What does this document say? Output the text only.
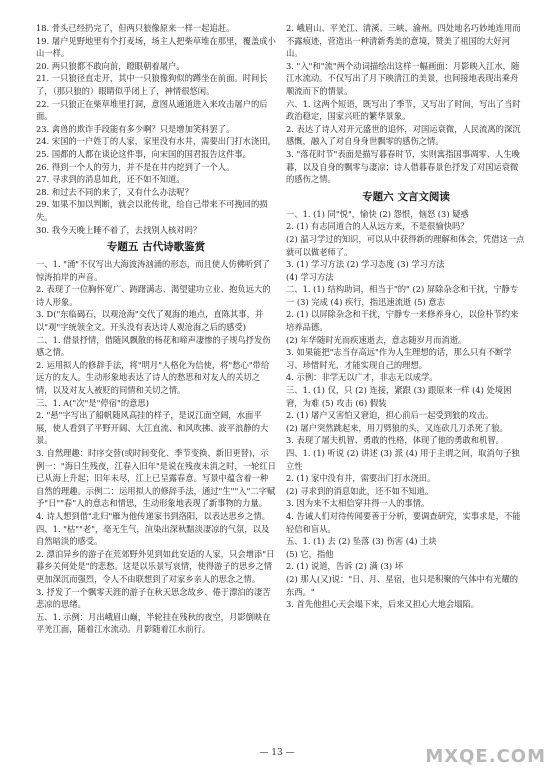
18. 骨头已经扔完了，但两只狼像原来一样一起追赶。
19. 屠户见野地里有个打麦场，场主人把柴草堆在那里，覆盖成小山一样。
20. 两只狼都不敢向前，瞪眼朝着屠户。
21. 一只狼径直走开，其中一只狼像狗似的蹲坐在前面。时间长了，（那只狼的）眼睛似乎闭上了，神情很悠闲。
22. 一只狼正在柴草堆里打洞，意图从通道进入来攻击屠户的后面。
23. 禽兽的欺诈手段能有多少啊？只是增加笑料罢了。
24. 宋国的一户姓丁的人家，家里没有水井，需要出门打水浇田。
25. 国都的人都在谈论这件事，向宋国的国君报告这件事。
26. 得到一个人的劳力，并不是在井内挖到了一个人。
27. 寻求到的消息如此，还不如不知道。
28. 和过去不同的来了，又有什么办法呢？
29. 如果不加以判断，就会以讹传讹，给自己带来不可挽回的损失。
30. 我今天晚上睡不着了，去找别人核对吗？
专题五 古代诗歌鉴赏
一、1. "涌"不仅写出大海波涛汹涌的形态，而且使人仿佛听到了惊涛拍岸的声音。
2. 表现了一位胸怀宽广、踌躇满志、渴望建功立业、抱负远大的诗人形象。
3. D("东临碣石，以观沧海"交代了观海的地点，直陈其事，并以"观"字统领全文。开头没有表达诗人观沧海之后的感受)
二、1. 借景抒情，借随风飘散的杨花和啼声凄惨的子规鸟抒发伤感之情。
2. 运用拟人的修辞手法，将"明月"人格化为信使，将"愁心"带给远方的友人。生动形象地表达了诗人的愁思和对友人的关切之情，以及对友人被贬的同情和关切之情。
三、1. A("次"是"停宿"的意思)
2. "悬"字写出了船帆随风高挂的样子，是说江面空阔，水面平展，使人看到了平野开阔、大江直流、和风吹拂、波平浪静的大景。
3. 自然理趣：时序交替(或时间变化、季节变换、新旧更替)，示例一："海日生残夜，江春入旧年"是说在残夜未消之时，一轮红日已从海上升起；旧年未尽，江上已呈露春意。写景中蕴含着一种自然的理趣。示例二：运用拟人的修辞手法，通过"生""入"二字赋予"日""春"人的意志和情思，生动形象地表现了新事物的力量。
4. 诗人想到借"北归"雁为他传递家书到洛阳，以表达思乡之情。
四、1. "枯""老"，毫无生气，渲染出深秋黯淡凄凉的气氛，以及自然暗淡的感受。
2. 漂泊异乡的游子在荒郊野外见到如此安适的人家，只会增添"日暮乡关何处是"的悲愁。这是以乐景写哀情，使得游子的思乡之情更加深沉而强烈，令人不由联想到了对家乡亲人的思念之情。
3. 抒发了一个飘零天涯的游子在秋天思念故乡、倦于漂泊的凄苦悲凉的思绪。
五、1. 示例：月出峨眉山巅，半轮挂在残秋的夜空，月影倒映在平羌江面，随着江水流动。月影随着江水前行。
2. 峨眉山、平羌江、清溪、三峡、渝州。四处地名巧妙地连用而不露痕迹，营造出一种清新秀美的意境，赞美了祖国的大好河山。
3. "入"和"流"两个动词描绘出这样一幅画面：月影映入江水，随江水流动。不仅写出了月下映清江的美景，也间接地表现出乘舟顺流而下的情景。
六、1. 这两个短语，既写出了季节，又写出了时间，写出了当时政治稳定，国家兴旺的繁华景象。
2. 表达了诗人对开元盛世的追怀，对国运衰微，人民流离的深沉感慨，融入了对自身身世飘零的感伤之情。
3. "落花时节"表面是描写暮春时节，实则寓指国事凋零、人生晚暮，以及自身的飘零与凄凉；诗人借暮春景色抒发了对国运衰微的感伤之情。
专题六 文言文阅读
一、1. (1) 同"悦"，愉快 (2) 怨恨，恼怒 (3) 疑惑
2. (1) 有志同道合的人从远方来，不是很愉快吗？
(2) 温习学过的知识，可以从中获得新的理解和体会，凭借这一点就可以做老师了。
3. (1) 学习方法 (2) 学习态度 (3) 学习方法
(4) 学习方法
二、1. (1) 结构助词，相当于"的" (2) 屏除杂念和干扰，宁静专一 (3) 完成 (4) 疾行，指迅速流逝 (5) 意志
2. (1) 以屏除杂念和干扰，宁静专一来修养身心，以俭朴节约来培养品德。
(2) 年华随时光而疾速逝去，意志随岁月而消逝。
3. 如果能把"志当存高远"作为人生理想的话，那么只有不断学习、珍惜时光，才能实现自己的理想。
4. 示例：非学无以广才，非志无以成学。
三、1. (1) 仅，只 (2) 连接，紧跟 (3) 跟原来一样 (4) 处境困窘，为难 (5) 攻击 (6) 假装
2. (1) 屠户又害怕又窘迫，担心前后一起受到狼的攻击。
(2) 屠户突然跳起来，用刀劈狼的头，又连砍几刀杀死了狼。
3. 表现了屠夫机智、勇敢的性格，体现了他的勇敢和机智。
四、1. (1) 听说 (2) 讲述 (3) 派 (4) 用于主谓之间，取消句子独立性
2. (1) 家中没有井，需要出门打水浇田。
(2) 寻求到的消息如此，还不如不知道。
3. 因为来不太相信穿井得一人的事情。
4. 告诫人们对待传闻要善于分析，要调查研究，实事求是，不能轻信和盲从。
五、1. (1) 去 (2) 坠落 (3) 伤害 (4) 土块
(5) 它，指他
2. (1) 说道，告诉 (2) 满 (3) 坏
(2) 那人(又)说："日、月、星宿，也只是积聚的气体中有光耀的东西。"
3. 首先他担心天会塌下来，后来又担心大地会塌陷。
— 13 —	MXQE.COM
